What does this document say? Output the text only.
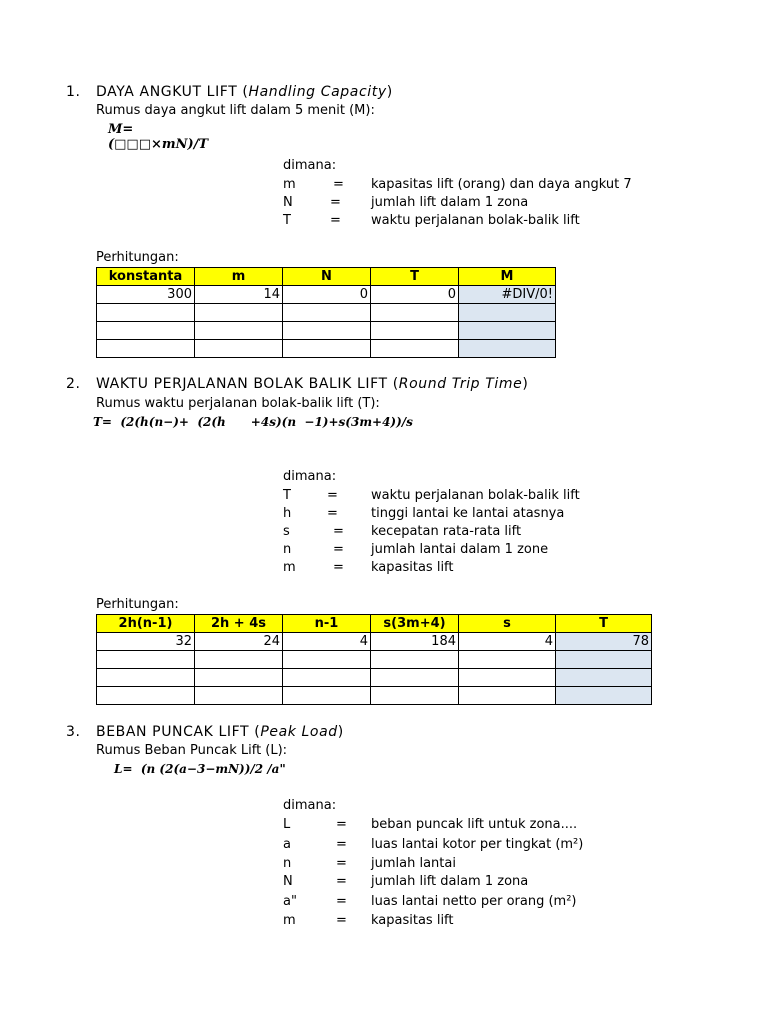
1. DAYA ANGKUT LIFT (Handling Capacity)
Rumus daya angkut lift dalam 5 menit (M):
M=
(□□□×mN)/T
dimana:
m	= kapasitas lift (orang) dan daya angkut 7
N	= jumlah lift dalam 1 zona
T	= waktu perjalanan bolak-balik lift
Perhitungan:
konstanta	m	N	T	M
300	14	0	0	#DIV/0!

2. WAKTU PERJALANAN BOLAK BALIK LIFT (Round Trip Time)
Rumus waktu perjalanan bolak-balik lift (T):
T=  (2(h(n−)+  (2(h      +4s)(n  −1)+s(3m+4))/s
dimana:
T	=	waktu perjalanan bolak-balik lift
h	=	tinggi lantai ke lantai atasnya
s	= kecepatan rata-rata lift
n	= jumlah lantai dalam 1 zone
m	= kapasitas lift
Perhitungan:
2h(n-1)	2h + 4s	n-1	s(3m+4)	s	T
32	24	4	184	4	78

3. BEBAN PUNCAK LIFT (Peak Load)
Rumus Beban Puncak Lift (L):
L=  (n (2(a−3−mN))/2 /a"
dimana:
L	= beban puncak lift untuk zona....
a	= luas lantai kotor per tingkat (m²)
n	= jumlah lantai
N	= jumlah lift dalam 1 zona
a"	= luas lantai netto per orang (m²)
m	= kapasitas lift
